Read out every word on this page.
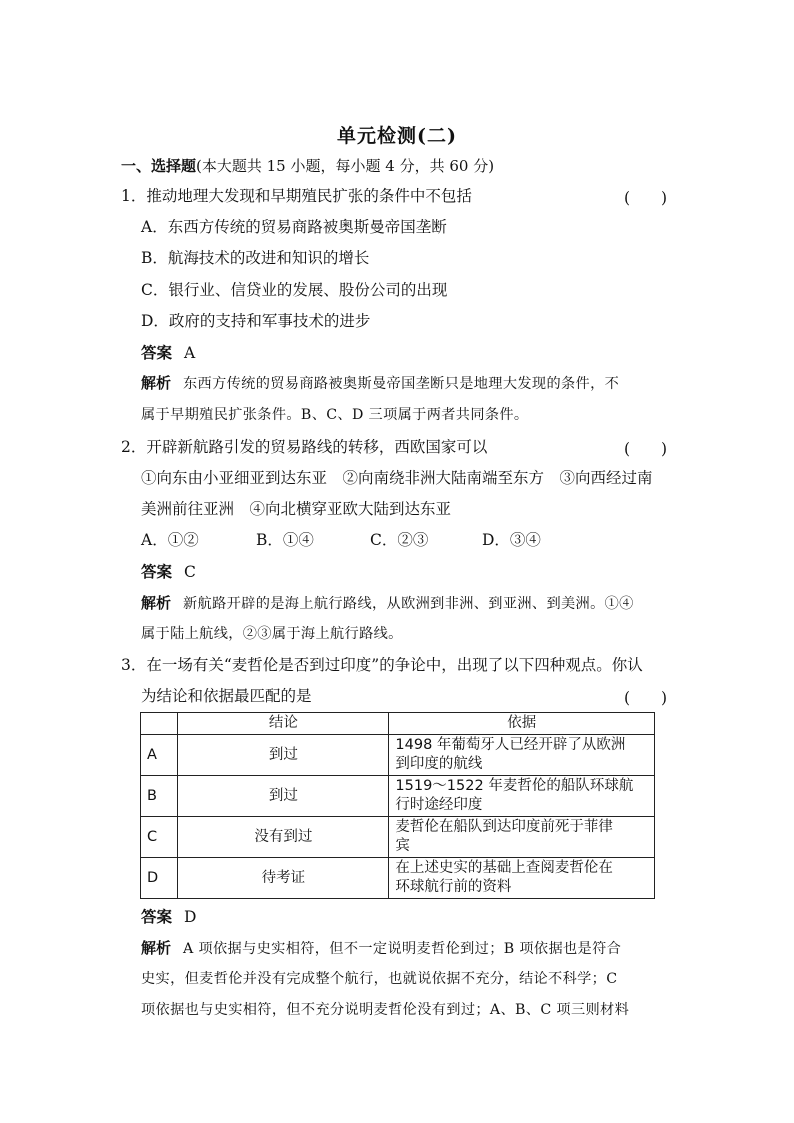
单元检测(二)
一、选择题(本大题共 15 小题，每小题 4 分，共 60 分)
1．推动地理大发现和早期殖民扩张的条件中不包括	(　　)
A．东西方传统的贸易商路被奥斯曼帝国垄断
B．航海技术的改进和知识的增长
C．银行业、信贷业的发展、股份公司的出现
D．政府的支持和军事技术的进步
答案 A
解析 东西方传统的贸易商路被奥斯曼帝国垄断只是地理大发现的条件，不
属于早期殖民扩张条件。B、C、D 三项属于两者共同条件。
2．开辟新航路引发的贸易路线的转移，西欧国家可以	(　　)
①向东由小亚细亚到达东亚　②向南绕非洲大陆南端至东方　③向西经过南
美洲前往亚洲　④向北横穿亚欧大陆到达东亚
A．①②	B．①④	C．②③	D．③④
答案 C
解析 新航路开辟的是海上航行路线，从欧洲到非洲、到亚洲、到美洲。①④
属于陆上航线，②③属于海上航行路线。
3．在一场有关“麦哲伦是否到过印度”的争论中，出现了以下四种观点。你认
为结论和依据最匹配的是	(　　)
	结论	依据
A	到过	1498 年葡萄牙人已经开辟了从欧洲
到印度的航线
B	到过	1519～1522 年麦哲伦的船队环球航
行时途经印度
C	没有到过	麦哲伦在船队到达印度前死于菲律
宾
D	待考证	在上述史实的基础上查阅麦哲伦在
环球航行前的资料
答案 D
解析 A 项依据与史实相符，但不一定说明麦哲伦到过；B 项依据也是符合
史实，但麦哲伦并没有完成整个航行，也就说依据不充分，结论不科学；C
项依据也与史实相符，但不充分说明麦哲伦没有到过；A、B、C 项三则材料
